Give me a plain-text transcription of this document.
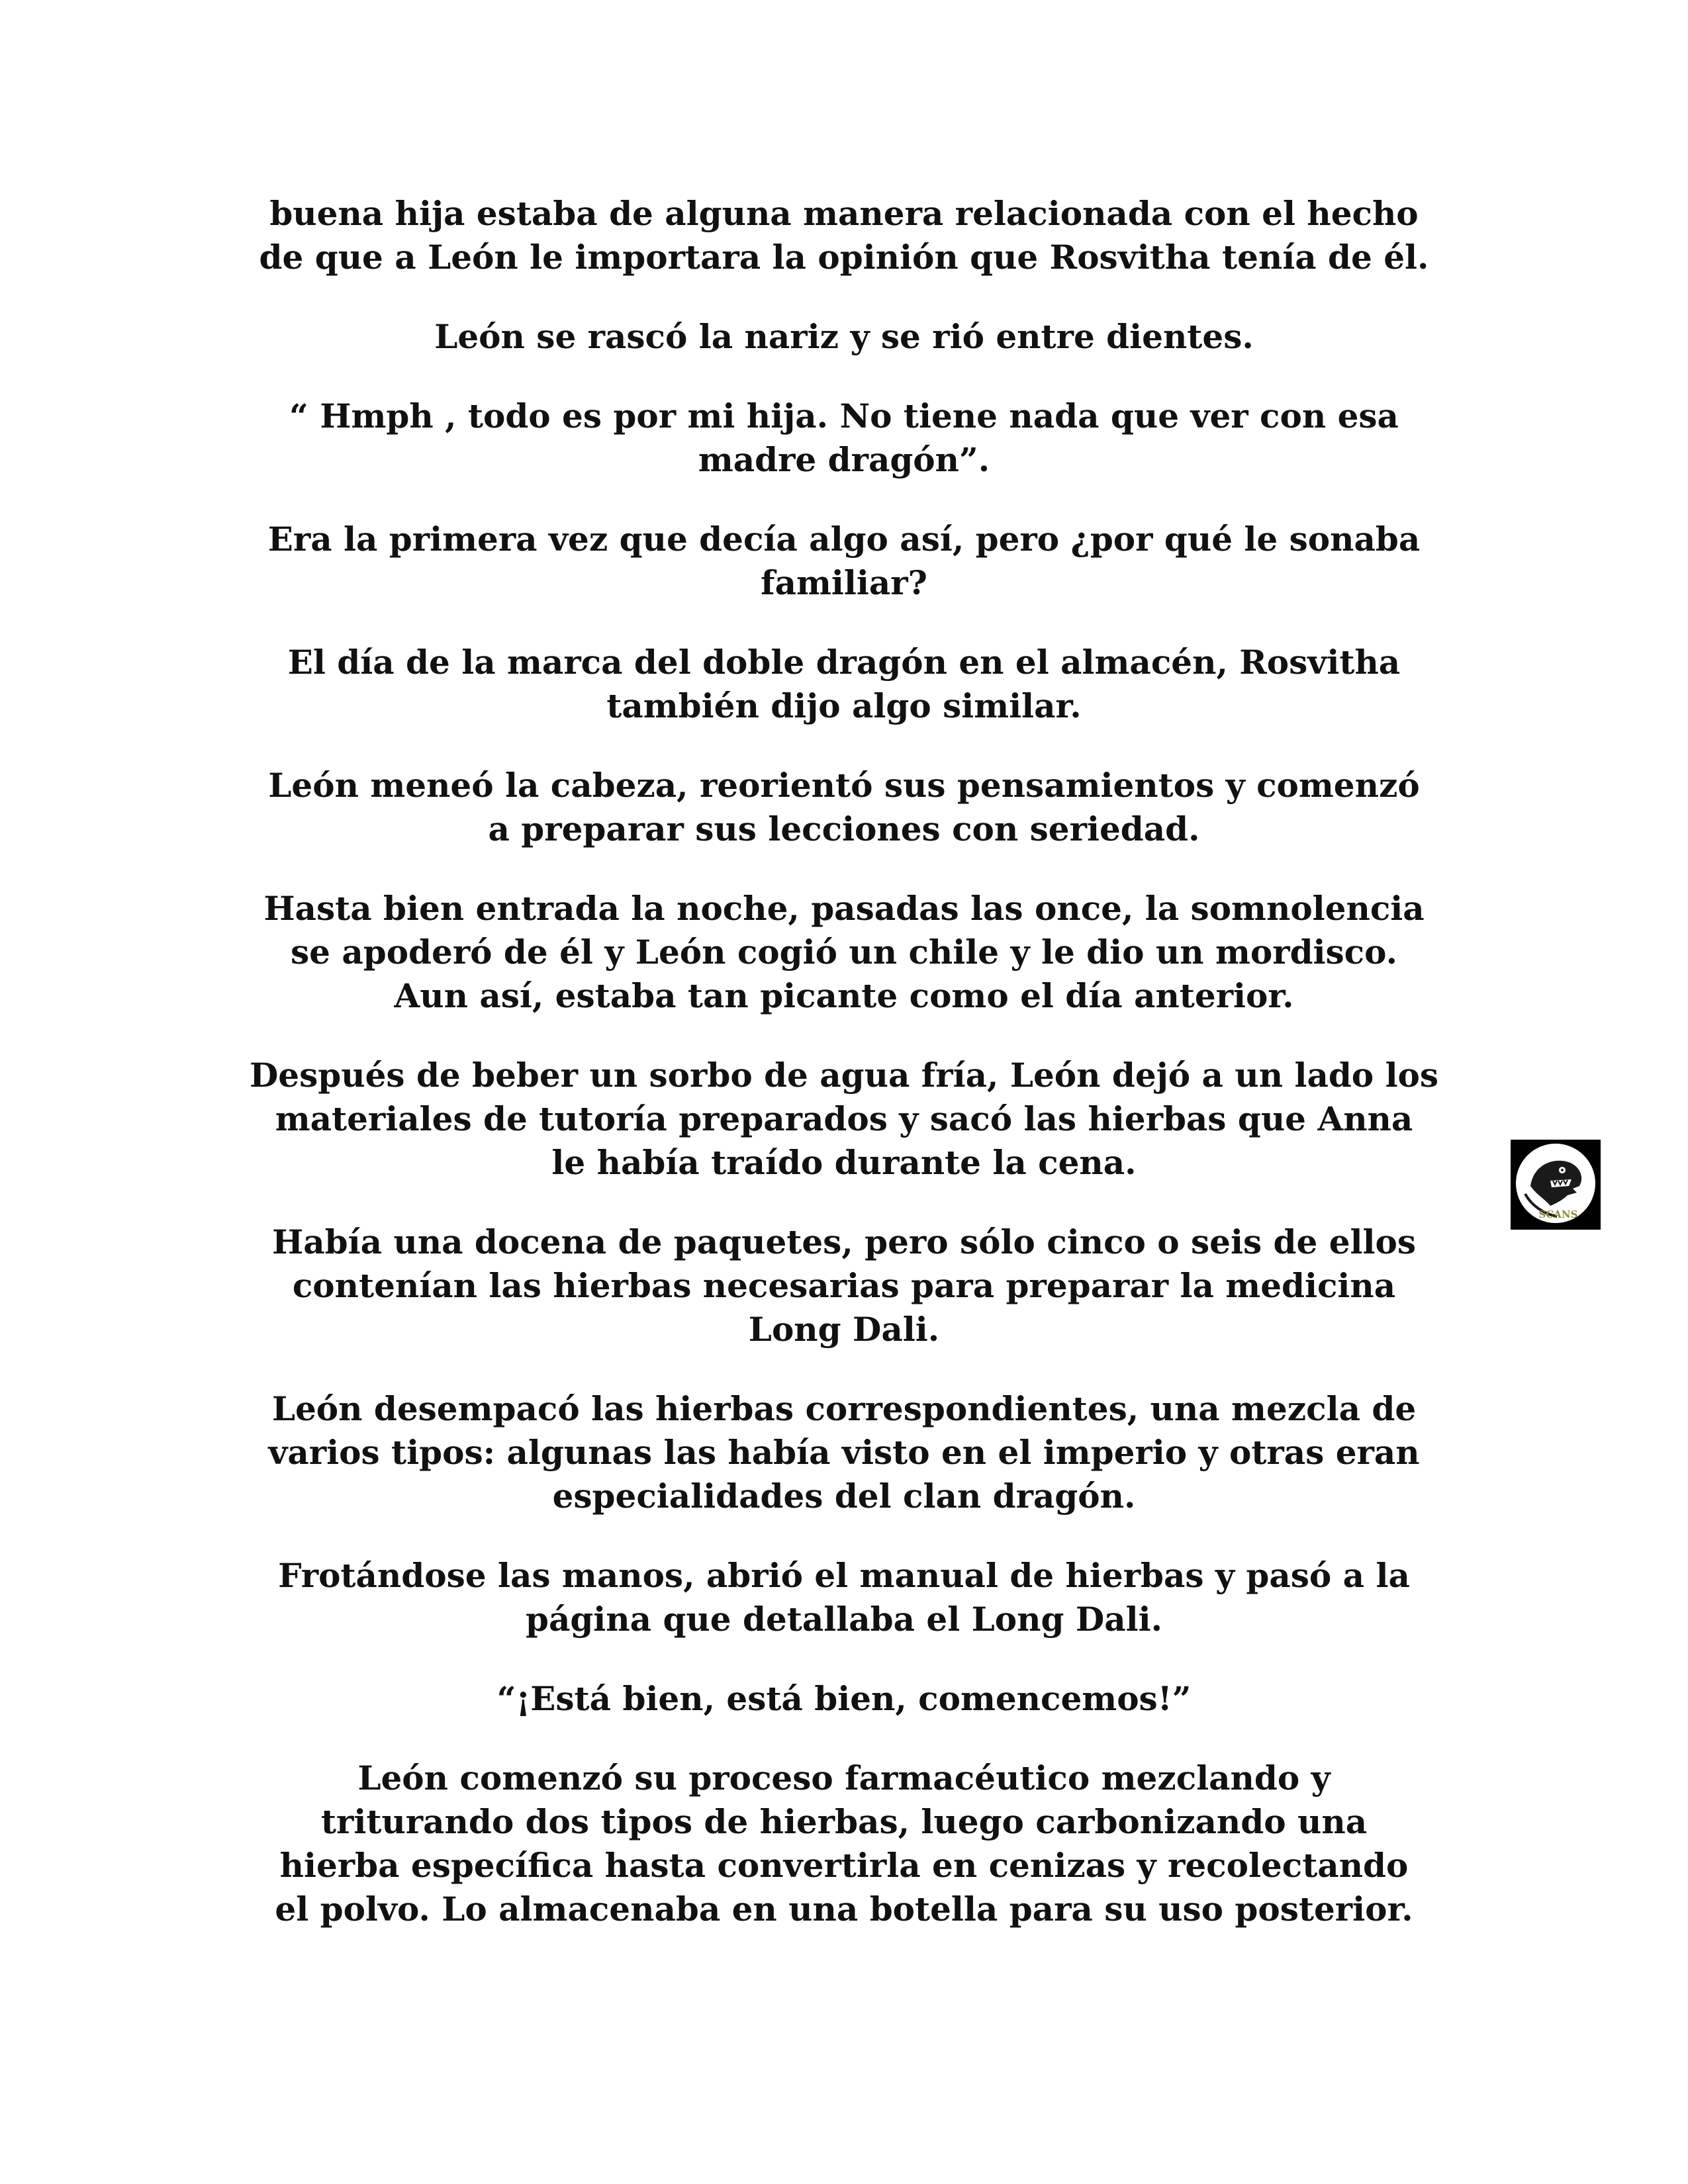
buena hija estaba de alguna manera relacionada con el hecho
de que a León le importara la opinión que Rosvitha tenía de él.

León se rascó la nariz y se rió entre dientes.

“ Hmph , todo es por mi hija. No tiene nada que ver con esa
madre dragón”.

Era la primera vez que decía algo así, pero ¿por qué le sonaba
familiar?

El día de la marca del doble dragón en el almacén, Rosvitha
también dijo algo similar.

León meneó la cabeza, reorientó sus pensamientos y comenzó
a preparar sus lecciones con seriedad.

Hasta bien entrada la noche, pasadas las once, la somnolencia
se apoderó de él y León cogió un chile y le dio un mordisco.
Aun así, estaba tan picante como el día anterior.

Después de beber un sorbo de agua fría, León dejó a un lado los
materiales de tutoría preparados y sacó las hierbas que Anna
le había traído durante la cena.

Había una docena de paquetes, pero sólo cinco o seis de ellos
contenían las hierbas necesarias para preparar la medicina
Long Dali.

León desempacó las hierbas correspondientes, una mezcla de
varios tipos: algunas las había visto en el imperio y otras eran
especialidades del clan dragón.

Frotándose las manos, abrió el manual de hierbas y pasó a la
página que detallaba el Long Dali.

“¡Está bien, está bien, comencemos!”

León comenzó su proceso farmacéutico mezclando y
triturando dos tipos de hierbas, luego carbonizando una
hierba específica hasta convertirla en cenizas y recolectando
el polvo. Lo almacenaba en una botella para su uso posterior.

SCANS
